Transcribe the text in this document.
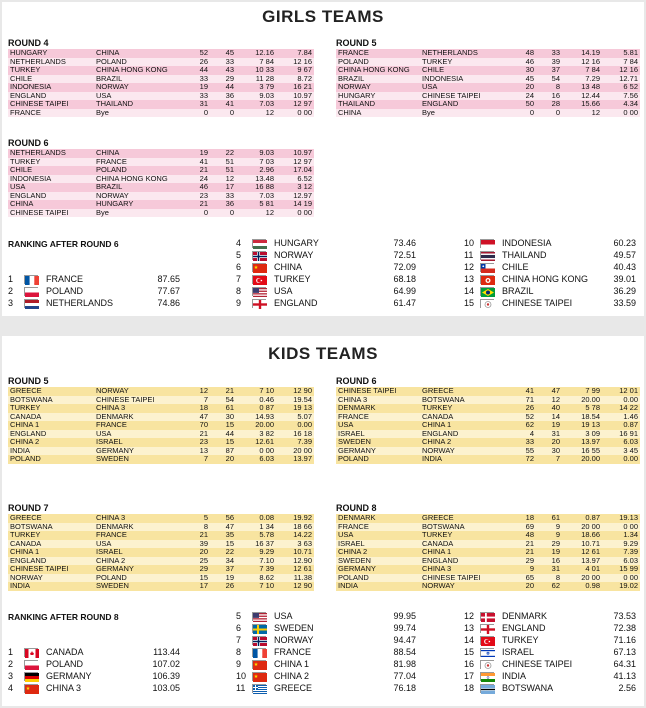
GIRLS TEAMS
ROUND 4
HUNGARY	CHINA	52	45	12.16	7.84
NETHERLANDS	POLAND	26	33	7 84	12 16
TURKEY	CHINA HONG KONG	44	43	10 33	9 67
CHILE	BRAZIL	33	29	11 28	8.72
INDONESIA	NORWAY	19	44	3 79	16 21
ENGLAND	USA	33	36	9.03	10.97
CHINESE TAIPEI	THAILAND	31	41	7.03	12 97
FRANCE	Bye	0	0	12	0 00
ROUND 5
FRANCE	NETHERLANDS	48	33	14.19	5.81
POLAND	TURKEY	46	39	12 16	7 84
CHINA HONG KONG	CHILE	30	37	7 84	12 16
BRAZIL	INDONESIA	45	54	7.29	12.71
NORWAY	USA	20	8	13 48	6 52
HUNGARY	CHINESE TAIPEI	24	16	12.44	7.56
THAILAND	ENGLAND	50	28	15.66	4.34
CHINA	Bye	0	0	12	0 00
ROUND 6
NETHERLANDS	CHINA	19	22	9.03	10.97
TURKEY	FRANCE	41	51	7 03	12 97
CHILE	POLAND	21	51	2.96	17.04
INDONESIA	CHINA HONG KONG	24	12	13.48	6.52
USA	BRAZIL	46	17	16 88	3 12
ENGLAND	NORWAY	23	33	7.03	12.97
CHINA	HUNGARY	21	36	5 81	14 19
CHINESE TAIPEI	Bye	0	0	12	0 00
RANKING AFTER ROUND 6
1	FRANCE	87.65
2	POLAND	77.67
3	NETHERLANDS	74.86
4	HUNGARY	73.46
5	NORWAY	72.51
6	CHINA	72.09
7	TURKEY	68.18
8	USA	64.99
9	ENGLAND	61.47
10	INDONESIA	60.23
11	THAILAND	49.57
12	CHILE	40.43
13	CHINA HONG KONG	39.01
14	BRAZIL	36.29
15	CHINESE TAIPEI	33.59
KIDS TEAMS
ROUND 5
GREECE	NORWAY	12	21	7 10	12 90
BOTSWANA	CHINESE TAIPEI	7	54	0.46	19.54
TURKEY	CHINA 3	18	61	0 87	19 13
CANADA	DENMARK	47	30	14.93	5.07
CHINA 1	FRANCE	70	15	20.00	0.00
ENGLAND	USA	21	44	3 82	16 18
CHINA 2	ISRAEL	23	15	12.61	7.39
INDIA	GERMANY	13	87	0 00	20 00
POLAND	SWEDEN	7	20	6.03	13.97
ROUND 6
CHINESE TAIPEI	GREECE	41	47	7 99	12 01
CHINA 3	BOTSWANA	71	12	20.00	0.00
DENMARK	TURKEY	26	40	5 78	14 22
FRANCE	CANADA	52	14	18.54	1.46
USA	CHINA 1	62	19	19 13	0.87
ISRAEL	ENGLAND	4	31	3 09	16 91
SWEDEN	CHINA 2	33	20	13.97	6.03
GERMANY	NORWAY	55	30	16 55	3 45
POLAND	INDIA	72	7	20.00	0.00
ROUND 7
GREECE	CHINA 3	5	56	0.08	19.92
BOTSWANA	DENMARK	8	47	1 34	18 66
TURKEY	FRANCE	21	35	5.78	14.22
CANADA	USA	39	15	16 37	3 63
CHINA 1	ISRAEL	20	22	9.29	10.71
ENGLAND	CHINA 2	25	34	7.10	12.90
CHINESE TAIPEI	GERMANY	29	37	7 39	12 61
NORWAY	POLAND	15	19	8.62	11.38
INDIA	SWEDEN	17	26	7 10	12 90
ROUND 8
DENMARK	GREECE	18	61	0.87	19.13
FRANCE	BOTSWANA	69	9	20 00	0 00
USA	TURKEY	48	9	18.66	1.34
ISRAEL	CANADA	21	29	10.71	9.29
CHINA 2	CHINA 1	21	19	12 61	7.39
SWEDEN	ENGLAND	29	16	13.97	6.03
GERMANY	CHINA 3	9	31	4 01	15 99
POLAND	CHINESE TAIPEI	65	8	20 00	0 00
INDIA	NORWAY	20	62	0.98	19.02
RANKING AFTER ROUND 8
1	CANADA	113.44
2	POLAND	107.02
3	GERMANY	106.39
4	CHINA 3	103.05
5	USA	99.95
6	SWEDEN	99.74
7	NORWAY	94.47
8	FRANCE	88.54
9	CHINA 1	81.98
10	CHINA 2	77.04
11	GREECE	76.18
12	DENMARK	73.53
13	ENGLAND	72.38
14	TURKEY	71.16
15	ISRAEL	67.13
16	CHINESE TAIPEI	64.31
17	INDIA	41.13
18	BOTSWANA	2.56
